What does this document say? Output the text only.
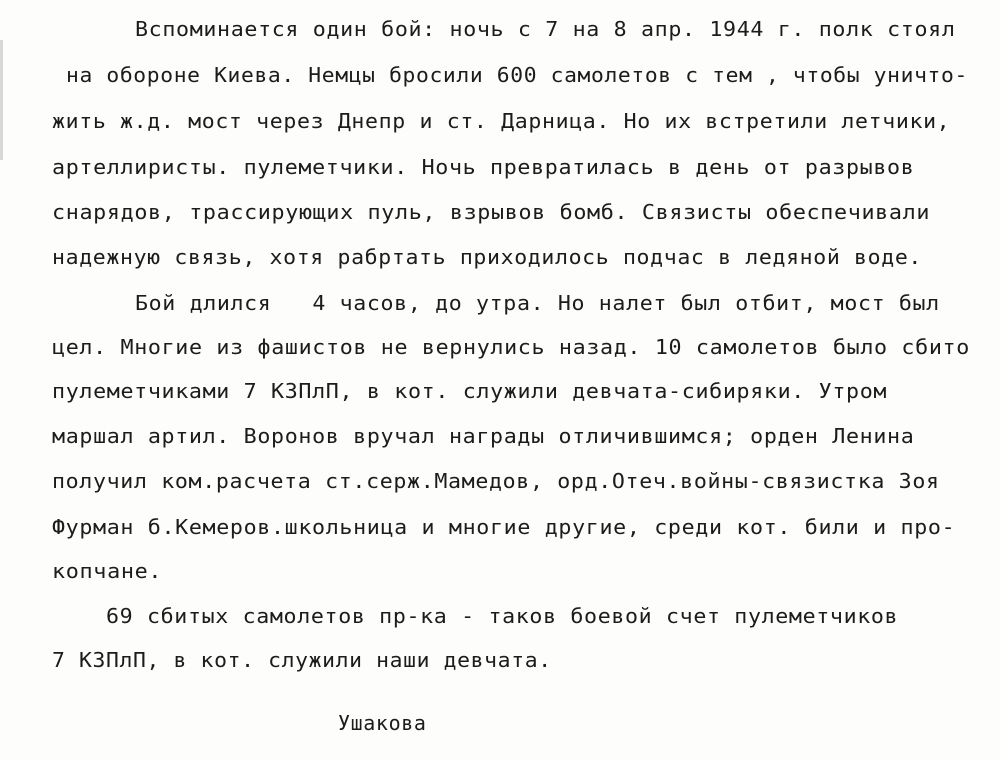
Вспоминается один бой: ночь с 7 на 8 апр. 1944 г. полк стоял
на обороне Киева. Немцы бросили 600 самолетов с тем , чтобы уничто-
жить ж.д. мост через Днепр и ст. Дарница. Но их встретили летчики,
артеллиристы. пулеметчики. Ночь превратилась в день от разрывов
снарядов, трассирующих пуль, взрывов бомб. Связисты обеспечивали
надежную связь, хотя рабртать приходилось подчас в ледяной воде.
Бой длился   4 часов, до утра. Но налет был отбит, мост был
цел. Многие из фашистов не вернулись назад. 10 самолетов было сбито
пулеметчиками 7 КЗПлП, в кот. служили девчата-сибиряки. Утром
маршал артил. Воронов вручал награды отличившимся; орден Ленина
получил ком.расчета ст.серж.Мамедов, орд.Отеч.войны-связистка Зоя
Фурман б.Кемеров.школьница и многие другие, среди кот. били и про-
копчане.
69 сбитых самолетов пр-ка - таков боевой счет пулеметчиков
7 КЗПлП, в кот. служили наши девчата.
Ушакова
